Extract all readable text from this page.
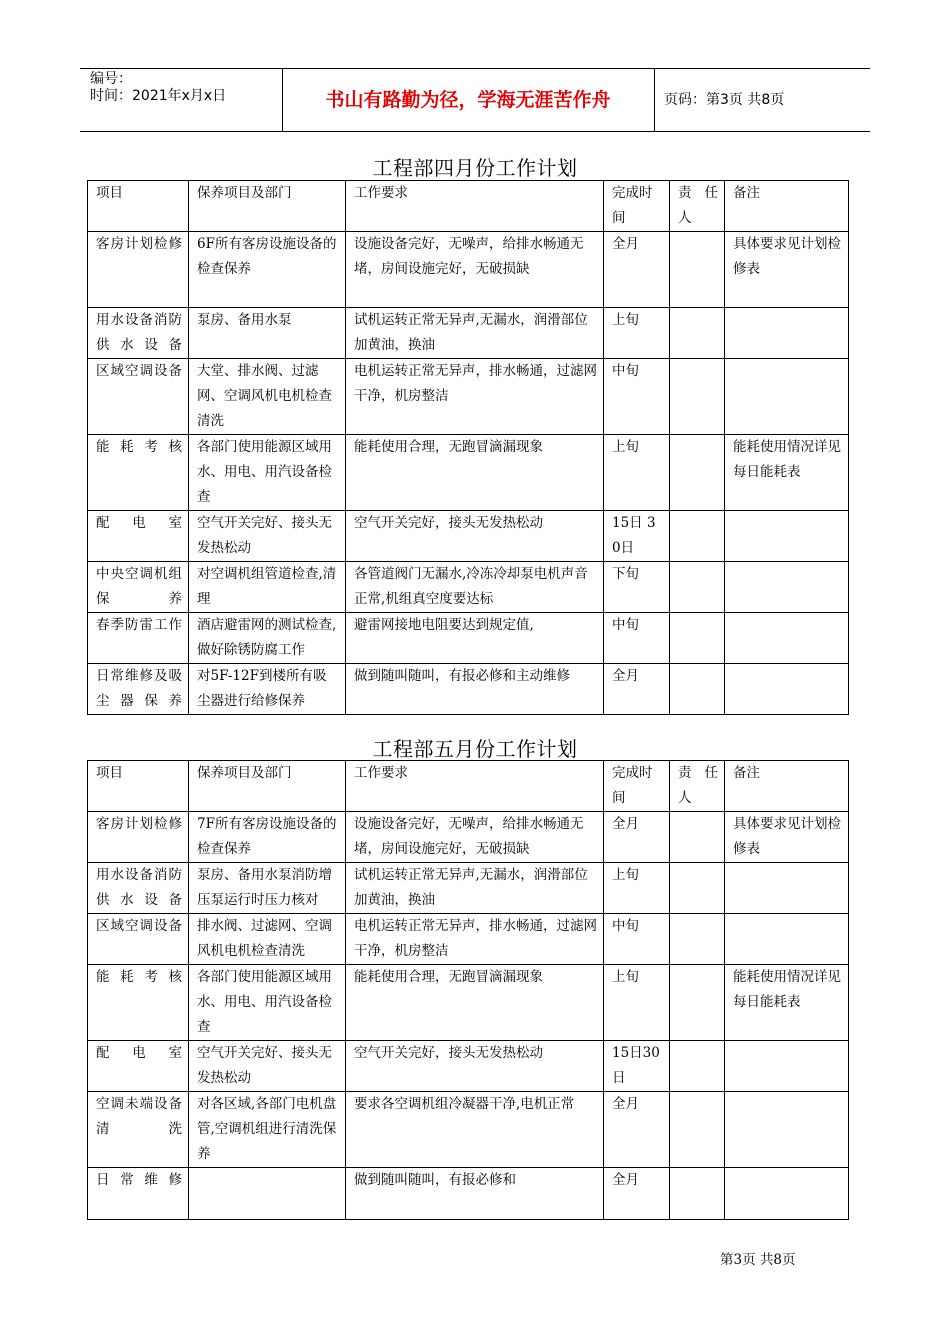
编号：
时间：2021年x月x日	书山有路勤为径，学海无涯苦作舟	页码：第3页 共8页
工程部四月份工作计划
项目	保养项目及部门	工作要求	完成时间	责任人	备注
客房计划检修	6F所有客房设施设备的检查保养	设施设备完好，无噪声，给排水畅通无堵，房间设施完好，无破损缺	全月		具体要求见计划检修表
用水设备消防供水设备	泵房、备用水泵	试机运转正常无异声,无漏水，润滑部位加黄油，换油	上旬		
区域空调设备	大堂、排水阀、过滤网、空调风机电机检查清洗	电机运转正常无异声，排水畅通，过滤网干净，机房整洁	中旬		
能耗考核	各部门使用能源区域用水、用电、用汽设备检查	能耗使用合理，无跑冒滴漏现象	上旬		能耗使用情况详见每日能耗表
配电室	空气开关完好、接头无发热松动	空气开关完好，接头无发热松动	15日 30日		
中央空调机组保养	对空调机组管道检查,清理	各管道阀门无漏水,冷冻冷却泵电机声音正常,机组真空度要达标	下旬		
春季防雷工作	酒店避雷网的测试检查,做好除锈防腐工作	避雷网接地电阻要达到规定值,	中旬		
日常维修及吸尘器保养	对5F-12F到楼所有吸尘器进行给修保养	做到随叫随叫，有报必修和主动维修	全月		
工程部五月份工作计划
项目	保养项目及部门	工作要求	完成时间	责任人	备注
客房计划检修	7F所有客房设施设备的检查保养	设施设备完好，无噪声，给排水畅通无堵，房间设施完好，无破损缺	全月		具体要求见计划检修表
用水设备消防供水设备	泵房、备用水泵消防增压泵运行时压力核对	试机运转正常无异声,无漏水，润滑部位加黄油，换油	上旬		
区域空调设备	排水阀、过滤网、空调风机电机检查清洗	电机运转正常无异声，排水畅通，过滤网干净，机房整洁	中旬		
能耗考核	各部门使用能源区域用水、用电、用汽设备检查	能耗使用合理，无跑冒滴漏现象	上旬		能耗使用情况详见每日能耗表
配电室	空气开关完好、接头无发热松动	空气开关完好，接头无发热松动	15日30日		
空调未端设备清洗	对各区域,各部门电机盘管,空调机组进行清洗保养	要求各空调机组冷凝器干净,电机正常	全月		
日常维修		做到随叫随叫，有报必修和	全月		
第3页 共8页
